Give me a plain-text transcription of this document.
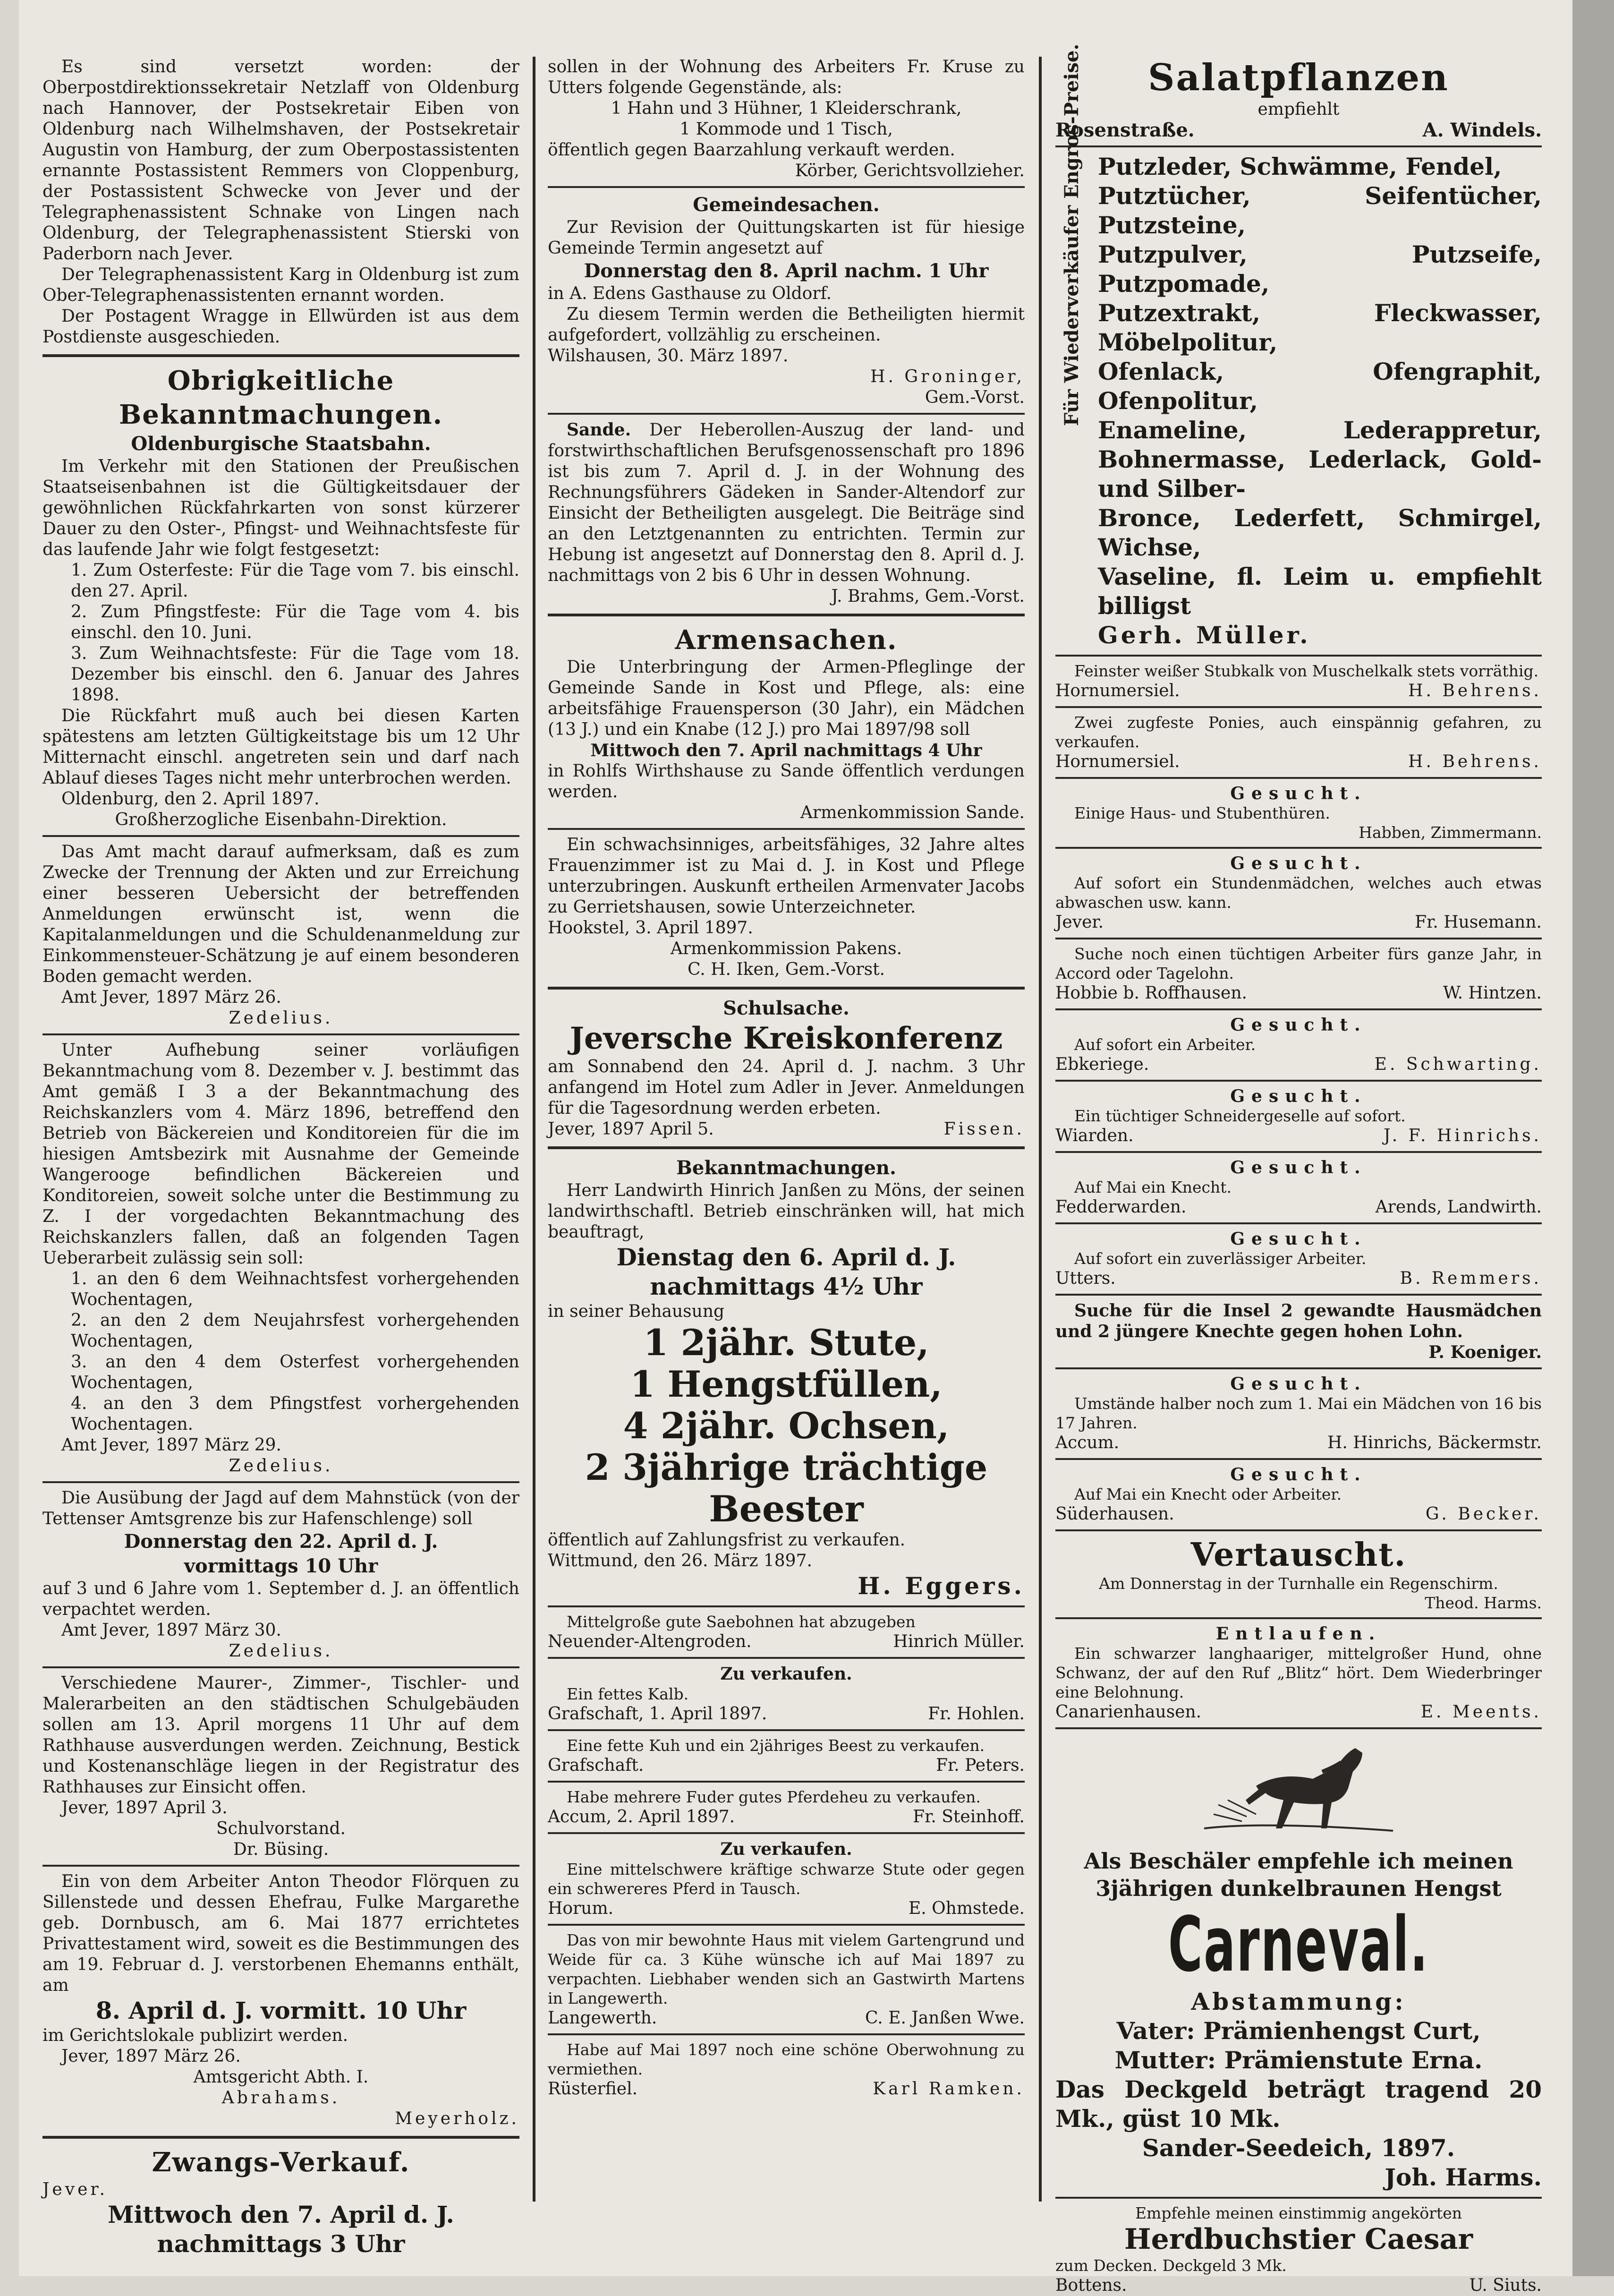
Es sind versetzt worden: der Oberpostdirektionssekretair Netzlaff von Oldenburg nach Hannover, der Postsekretair Eiben von Oldenburg nach Wilhelmshaven, der Postsekretair Augustin von Hamburg, der zum Oberpostassistenten ernannte Postassistent Remmers von Cloppenburg, der Postassistent Schwecke von Jever und der Telegraphenassistent Schnake von Lingen nach Oldenburg, der Telegraphenassistent Stierski von Paderborn nach Jever.

Der Telegraphenassistent Karg in Oldenburg ist zum Ober-Telegraphenassistenten ernannt worden.

Der Postagent Wragge in Ellwürden ist aus dem Postdienste ausgeschieden.

Obrigkeitliche Bekanntmachungen.

Oldenburgische Staatsbahn.

Im Verkehr mit den Stationen der Preußischen Staatseisenbahnen ist die Gültigkeitsdauer der gewöhnlichen Rückfahrkarten von sonst kürzerer Dauer zu den Oster-, Pfingst- und Weihnachtsfeste für das laufende Jahr wie folgt festgesetzt:

1. Zum Osterfeste: Für die Tage vom 7. bis einschl. den 27. April.

2. Zum Pfingstfeste: Für die Tage vom 4. bis einschl. den 10. Juni.

3. Zum Weihnachtsfeste: Für die Tage vom 18. Dezember bis einschl. den 6. Januar des Jahres 1898.

Die Rückfahrt muß auch bei diesen Karten spätestens am letzten Gültigkeitstage bis um 12 Uhr Mitternacht einschl. angetreten sein und darf nach Ablauf dieses Tages nicht mehr unterbrochen werden.

Oldenburg, den 2. April 1897.

Großherzogliche Eisenbahn-Direktion.

Das Amt macht darauf aufmerksam, daß es zum Zwecke der Trennung der Akten und zur Erreichung einer besseren Uebersicht der betreffenden Anmeldungen erwünscht ist, wenn die Kapitalanmeldungen und die Schuldenanmeldung zur Einkommensteuer-Schätzung je auf einem besonderen Boden gemacht werden.

Amt Jever, 1897 März 26.

Zedelius.

Unter Aufhebung seiner vorläufigen Bekanntmachung vom 8. Dezember v. J. bestimmt das Amt gemäß I 3 a der Bekanntmachung des Reichskanzlers vom 4. März 1896, betreffend den Betrieb von Bäckereien und Konditoreien für die im hiesigen Amtsbezirk mit Ausnahme der Gemeinde Wangerooge befindlichen Bäckereien und Konditoreien, soweit solche unter die Bestimmung zu Z. I der vorgedachten Bekanntmachung des Reichskanzlers fallen, daß an folgenden Tagen Ueberarbeit zulässig sein soll:

1. an den 6 dem Weihnachtsfest vorhergehenden Wochentagen,

2. an den 2 dem Neujahrsfest vorhergehenden Wochentagen,

3. an den 4 dem Osterfest vorhergehenden Wochentagen,

4. an den 3 dem Pfingstfest vorhergehenden Wochentagen.

Amt Jever, 1897 März 29.

Zedelius.

Die Ausübung der Jagd auf dem Mahnstück (von der Tettenser Amtsgrenze bis zur Hafenschlenge) soll

Donnerstag den 22. April d. J.

vormittags 10 Uhr

auf 3 und 6 Jahre vom 1. September d. J. an öffentlich verpachtet werden.

Amt Jever, 1897 März 30.

Zedelius.

Verschiedene Maurer-, Zimmer-, Tischler- und Malerarbeiten an den städtischen Schulgebäuden sollen am 13. April morgens 11 Uhr auf dem Rathhause ausverdungen werden. Zeichnung, Bestick und Kostenanschläge liegen in der Registratur des Rathhauses zur Einsicht offen.

Jever, 1897 April 3.

Schulvorstand.

Dr. Büsing.

Ein von dem Arbeiter Anton Theodor Flörquen zu Sillenstede und dessen Ehefrau, Fulke Margarethe geb. Dornbusch, am 6. Mai 1877 errichtetes Privattestament wird, soweit es die Bestimmungen des am 19. Februar d. J. verstorbenen Ehemanns enthält, am

8. April d. J. vormitt. 10 Uhr

im Gerichtslokale publizirt werden.

Jever, 1897 März 26.

Amtsgericht Abth. I.

Abrahams.

Meyerholz.

Zwangs-Verkauf.

Jever.

Mittwoch den 7. April d. J.

nachmittags 3 Uhr

sollen in der Wohnung des Arbeiters Fr. Kruse zu Utters folgende Gegenstände, als:

1 Hahn und 3 Hühner, 1 Kleiderschrank,

1 Kommode und 1 Tisch,

öffentlich gegen Baarzahlung verkauft werden.

Körber, Gerichtsvollzieher.

Gemeindesachen.

Zur Revision der Quittungskarten ist für hiesige Gemeinde Termin angesetzt auf

Donnerstag den 8. April nachm. 1 Uhr

in A. Edens Gasthause zu Oldorf.

Zu diesem Termin werden die Betheiligten hiermit aufgefordert, vollzählig zu erscheinen.

Wilshausen, 30. März 1897.

H. Groninger,

Gem.-Vorst.

Sande. Der Heberollen-Auszug der land- und forstwirthschaftlichen Berufsgenossenschaft pro 1896 ist bis zum 7. April d. J. in der Wohnung des Rechnungsführers Gädeken in Sander-Altendorf zur Einsicht der Betheiligten ausgelegt. Die Beiträge sind an den Letztgenannten zu entrichten. Termin zur Hebung ist angesetzt auf Donnerstag den 8. April d. J. nachmittags von 2 bis 6 Uhr in dessen Wohnung.

J. Brahms, Gem.-Vorst.

Armensachen.

Die Unterbringung der Armen-Pfleglinge der Gemeinde Sande in Kost und Pflege, als: eine arbeitsfähige Frauensperson (30 Jahr), ein Mädchen (13 J.) und ein Knabe (12 J.) pro Mai 1897/98 soll

Mittwoch den 7. April nachmittags 4 Uhr

in Rohlfs Wirthshause zu Sande öffentlich verdungen werden.

Armenkommission Sande.

Ein schwachsinniges, arbeitsfähiges, 32 Jahre altes Frauenzimmer ist zu Mai d. J. in Kost und Pflege unterzubringen. Auskunft ertheilen Armenvater Jacobs zu Gerrietshausen, sowie Unterzeichneter.

Hookstel, 3. April 1897.

Armenkommission Pakens.

C. H. Iken, Gem.-Vorst.

Schulsache.

Jeversche Kreiskonferenz

am Sonnabend den 24. April d. J. nachm. 3 Uhr anfangend im Hotel zum Adler in Jever. Anmeldungen für die Tagesordnung werden erbeten.

Jever, 1897 April 5.	Fissen.

Bekanntmachungen.

Herr Landwirth Hinrich Janßen zu Möns, der seinen landwirthschaftl. Betrieb einschränken will, hat mich beauftragt,

Dienstag den 6. April d. J.

nachmittags 4½ Uhr

in seiner Behausung

1 2jähr. Stute,

1 Hengstfüllen,

4 2jähr. Ochsen,

2 3jährige trächtige Beester

öffentlich auf Zahlungsfrist zu verkaufen.

Wittmund, den 26. März 1897.

H. Eggers.

Mittelgroße gute Saebohnen hat abzugeben

Neuender-Altengroden.	Hinrich Müller.

Zu verkaufen.

Ein fettes Kalb.

Grafschaft, 1. April 1897.	Fr. Hohlen.

Eine fette Kuh und ein 2jähriges Beest zu verkaufen.

Grafschaft.	Fr. Peters.

Habe mehrere Fuder gutes Pferdeheu zu verkaufen.

Accum, 2. April 1897.	Fr. Steinhoff.

Zu verkaufen.

Eine mittelschwere kräftige schwarze Stute oder gegen ein schwereres Pferd in Tausch.

Horum.	E. Ohmstede.

Das von mir bewohnte Haus mit vielem Gartengrund und Weide für ca. 3 Kühe wünsche ich auf Mai 1897 zu verpachten. Liebhaber wenden sich an Gastwirth Martens in Langewerth.

Langewerth.	C. E. Janßen Wwe.

Habe auf Mai 1897 noch eine schöne Oberwohnung zu vermiethen.

Rüsterfiel.	Karl Ramken.

Salatpflanzen

empfiehlt

Rosenstraße.	A. Windels.
Für Wiederverkäufer Engros-Preise. Putzleder, Schwämme, Fendel,

Putztücher, Seifentücher, Putzsteine,

Putzpulver, Putzseife, Putzpomade,

Putzextrakt, Fleckwasser, Möbelpolitur,

Ofenlack, Ofengraphit, Ofenpolitur,

Enameline, Lederappretur, Bohnermasse, Lederlack, Gold- und Silber-

Bronce, Lederfett, Schmirgel, Wichse,

Vaseline, fl. Leim u. empfiehlt billigst

Gerh. Müller.

Feinster weißer Stubkalk von Muschelkalk stets vorräthig.

Hornumersiel.	H. Behrens.

Zwei zugfeste Ponies, auch einspännig gefahren, zu verkaufen.

Hornumersiel.	H. Behrens.

Gesucht.

Einige Haus- und Stubenthüren.

Habben, Zimmermann.

Gesucht.

Auf sofort ein Stundenmädchen, welches auch etwas abwaschen usw. kann.

Jever.	Fr. Husemann.

Suche noch einen tüchtigen Arbeiter fürs ganze Jahr, in Accord oder Tagelohn.

Hobbie b. Roffhausen.	W. Hintzen.

Gesucht.

Auf sofort ein Arbeiter.

Ebkeriege.	E. Schwarting.

Gesucht.

Ein tüchtiger Schneidergeselle auf sofort.

Wiarden.	J. F. Hinrichs.

Gesucht.

Auf Mai ein Knecht.

Fedderwarden.	Arends, Landwirth.

Gesucht.

Auf sofort ein zuverlässiger Arbeiter.

Utters.	B. Remmers.

Suche für die Insel 2 gewandte Hausmädchen und 2 jüngere Knechte gegen hohen Lohn.

P. Koeniger.

Gesucht.

Umstände halber noch zum 1. Mai ein Mädchen von 16 bis 17 Jahren.

Accum.	H. Hinrichs, Bäckermstr.

Gesucht.

Auf Mai ein Knecht oder Arbeiter.

Süderhausen.	G. Becker.

Vertauscht.

Am Donnerstag in der Turnhalle ein Regenschirm.

Theod. Harms.

Entlaufen.

Ein schwarzer langhaariger, mittelgroßer Hund, ohne Schwanz, der auf den Ruf „Blitz“ hört. Dem Wiederbringer eine Belohnung.

Canarienhausen.	E. Meents.

Als Beschäler empfehle ich meinen

3jährigen dunkelbraunen Hengst

Carneval.

Abstammung:

Vater: Prämienhengst Curt,

Mutter: Prämienstute Erna.

Das Deckgeld beträgt tragend 20 Mk., güst 10 Mk.

Sander-Seedeich, 1897.

Joh. Harms.

Empfehle meinen einstimmig angekörten

Herdbuchstier Caesar

zum Decken. Deckgeld 3 Mk.

Bottens.	U. Siuts.
